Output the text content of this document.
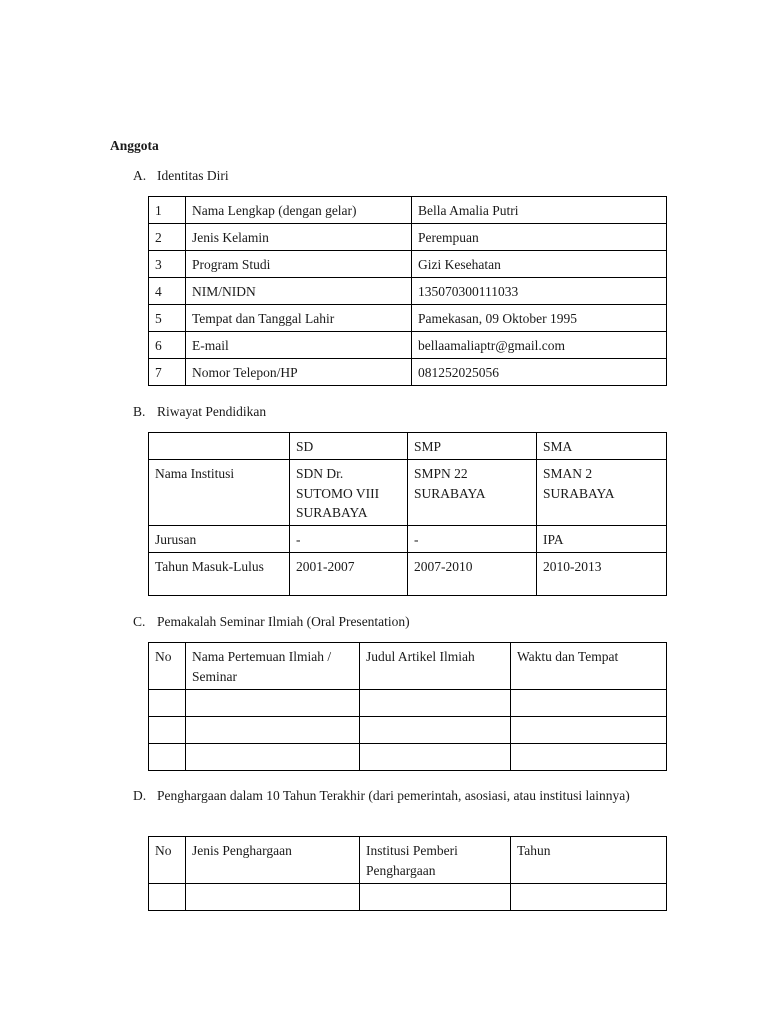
Anggota
A. Identitas Diri
1	Nama Lengkap (dengan gelar)	Bella Amalia Putri
2	Jenis Kelamin	Perempuan
3	Program Studi	Gizi Kesehatan
4	NIM/NIDN	135070300111033
5	Tempat dan Tanggal Lahir	Pamekasan, 09 Oktober 1995
6	E-mail	bellaamaliaptr@gmail.com
7	Nomor Telepon/HP	081252025056
B. Riwayat Pendidikan
	SD	SMP	SMA
Nama Institusi	SDN Dr. SUTOMO VIII SURABAYA	SMPN 22 SURABAYA	SMAN 2 SURABAYA
Jurusan	-	-	IPA
Tahun Masuk-Lulus	2001-2007	2007-2010	2010-2013
C. Pemakalah Seminar Ilmiah (Oral Presentation)
No	Nama Pertemuan Ilmiah / Seminar	Judul Artikel Ilmiah	Waktu dan Tempat

D. Penghargaan dalam 10 Tahun Terakhir (dari pemerintah, asosiasi, atau institusi lainnya)
No	Jenis Penghargaan	Institusi Pemberi Penghargaan	Tahun
